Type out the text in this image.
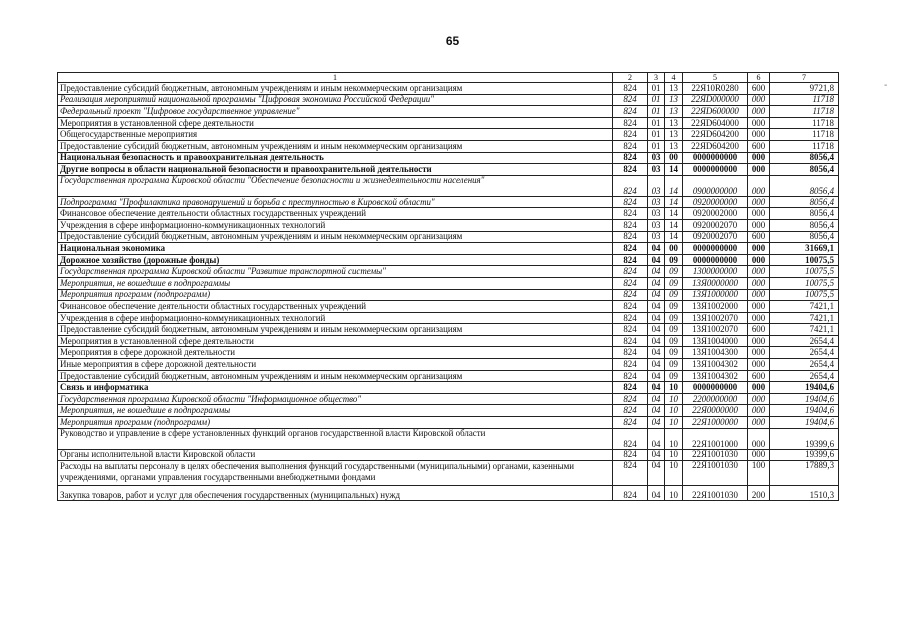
65
-
1	2	3	4	5	6	7
Предоставление субсидий бюджетным, автономным учреждениям и иным некоммерческим организациям	824	01	13	22Я10R0280	600	9721,8
Реализация мероприятий национальной программы "Цифровая экономика Российской Федерации"	824	01	13	22ЯD000000	000	11718
Федеральный проект "Цифровое государственное управление"	824	01	13	22ЯD600000	000	11718
Мероприятия в установленной сфере деятельности	824	01	13	22ЯD604000	000	11718
Общегосударственные мероприятия	824	01	13	22ЯD604200	000	11718
Предоставление субсидий бюджетным, автономным учреждениям и иным некоммерческим организациям	824	01	13	22ЯD604200	600	11718
Национальная безопасность и правоохранительная деятельность	824	03	00	0000000000	000	8056,4
Другие вопросы в области национальной безопасности и правоохранительной деятельности	824	03	14	0000000000	000	8056,4
Государственная программа Кировской области "Обеспечение безопасности и жизнедеятельности населения"	824	03	14	0900000000	000	8056,4
Подпрограмма "Профилактика правонарушений и борьба с преступностью в Кировской области"	824	03	14	0920000000	000	8056,4
Финансовое обеспечение деятельности областных государственных учреждений	824	03	14	0920002000	000	8056,4
Учреждения в сфере информационно-коммуникационных технологий	824	03	14	0920002070	000	8056,4
Предоставление субсидий бюджетным, автономным учреждениям и иным некоммерческим организациям	824	03	14	0920002070	600	8056,4
Национальная экономика	824	04	00	0000000000	000	31669,1
Дорожное хозяйство (дорожные фонды)	824	04	09	0000000000	000	10075,5
Государственная программа Кировской области "Развитие транспортной системы"	824	04	09	1300000000	000	10075,5
Мероприятия, не вошедшие в подпрограммы	824	04	09	13Я0000000	000	10075,5
Мероприятия программ (подпрограмм)	824	04	09	13Я1000000	000	10075,5
Финансовое обеспечение деятельности областных государственных учреждений	824	04	09	13Я1002000	000	7421,1
Учреждения в сфере информационно-коммуникационных технологий	824	04	09	13Я1002070	000	7421,1
Предоставление субсидий бюджетным, автономным учреждениям и иным некоммерческим организациям	824	04	09	13Я1002070	600	7421,1
Мероприятия в установленной сфере деятельности	824	04	09	13Я1004000	000	2654,4
Мероприятия в сфере дорожной деятельности	824	04	09	13Я1004300	000	2654,4
Иные мероприятия в сфере дорожной деятельности	824	04	09	13Я1004302	000	2654,4
Предоставление субсидий бюджетным, автономным учреждениям и иным некоммерческим организациям	824	04	09	13Я1004302	600	2654,4
Связь и информатика	824	04	10	0000000000	000	19404,6
Государственная программа Кировской области "Информационное общество"	824	04	10	2200000000	000	19404,6
Мероприятия, не вошедшие в подпрограммы	824	04	10	22Я0000000	000	19404,6
Мероприятия программ (подпрограмм)	824	04	10	22Я1000000	000	19404,6
Руководство и управление в сфере установленных функций органов государственной власти Кировской области	824	04	10	22Я1001000	000	19399,6
Органы исполнительной власти Кировской области	824	04	10	22Я1001030	000	19399,6
Расходы на выплаты персоналу в целях обеспечения выполнения функций государственными (муниципальными) органами, казенными учреждениями, органами управления государственными внебюджетными фондами	824	04	10	22Я1001030	100	17889,3
Закупка товаров, работ и услуг для обеспечения государственных (муниципальных) нужд	824	04	10	22Я1001030	200	1510,3
